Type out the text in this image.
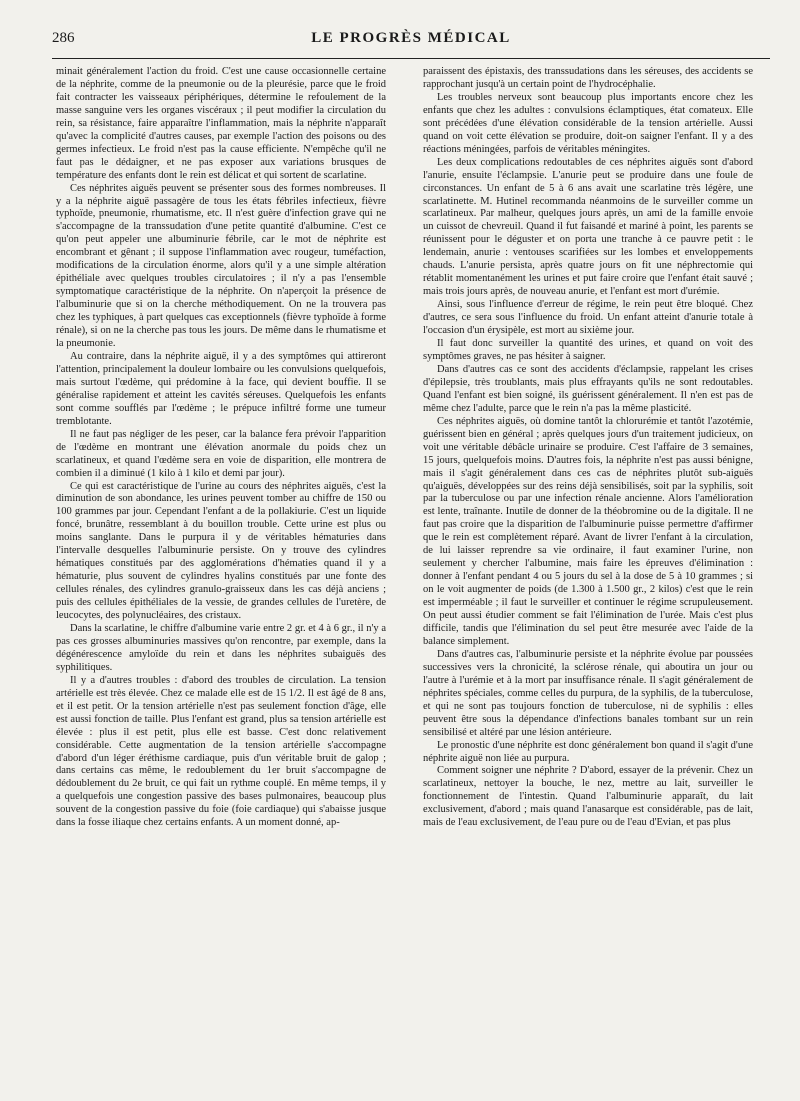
286	LE PROGRÈS MÉDICAL

minait généralement l'action du froid. C'est une cause occasionnelle certaine de la néphrite, comme de la pneumonie ou de la pleurésie, parce que le froid fait contracter les vaisseaux périphériques, détermine le refoulement de la masse sanguine vers les organes viscéraux ; il peut modifier la circulation du rein, sa résistance, faire apparaître l'inflammation, mais la néphrite n'apparaît qu'avec la complicité d'autres causes, par exemple l'action des poisons ou des germes infectieux. Le froid n'est pas la cause efficiente. N'empêche qu'il ne faut pas le dédaigner, et ne pas exposer aux variations brusques de température des enfants dont le rein est délicat et qui sortent de scarlatine.

Ces néphrites aiguës peuvent se présenter sous des formes nombreuses. Il y a la néphrite aiguë passagère de tous les états fébriles infectieux, fièvre typhoïde, pneumonie, rhumatisme, etc. Il n'est guère d'infection grave qui ne s'accompagne de la transsudation d'une petite quantité d'albumine. C'est ce qu'on peut appeler une albuminurie fébrile, car le mot de néphrite est encombrant et gênant ; il suppose l'inflammation avec rougeur, tuméfaction, modifications de la circulation énorme, alors qu'il y a une simple altération épithéliale avec quelques troubles circulatoires ; il n'y a pas l'ensemble symptomatique caractéristique de la néphrite. On n'aperçoit la présence de l'albuminurie que si on la cherche méthodiquement. On ne la trouvera pas chez les typhiques, à part quelques cas exceptionnels (fièvre typhoïde à forme rénale), si on ne la cherche pas tous les jours. De même dans le rhumatisme et la pneumonie.

Au contraire, dans la néphrite aiguë, il y a des symptômes qui attireront l'attention, principalement la douleur lombaire ou les convulsions quelquefois, mais surtout l'œdème, qui prédomine à la face, qui devient bouffie. Il se généralise rapidement et atteint les cavités séreuses. Quelquefois les enfants sont comme soufflés par l'œdème ; le prépuce infiltré forme une tumeur tremblotante.

Il ne faut pas négliger de les peser, car la balance fera prévoir l'apparition de l'œdème en montrant une élévation anormale du poids chez un scarlatineux, et quand l'œdème sera en voie de disparition, elle montrera de combien il a diminué (1 kilo à 1 kilo et demi par jour).

Ce qui est caractéristique de l'urine au cours des néphrites aiguës, c'est la diminution de son abondance, les urines peuvent tomber au chiffre de 150 ou 100 grammes par jour. Cependant l'enfant a de la pollakiurie. C'est un liquide foncé, brunâtre, ressemblant à du bouillon trouble. Cette urine est plus ou moins sanglante. Dans le purpura il y de véritables hématuries dans l'intervalle desquelles l'albuminurie persiste. On y trouve des cylindres hématiques constitués par des agglomérations d'hématies quand il y a hématurie, plus souvent de cylindres hyalins constitués par une fonte des cellules rénales, des cylindres granulo-graisseux dans les cas déjà anciens ; puis des cellules épithéliales de la vessie, de grandes cellules de l'uretère, de leucocytes, des polynucléaires, des cristaux.

Dans la scarlatine, le chiffre d'albumine varie entre 2 gr. et 4 à 6 gr., il n'y a pas ces grosses albuminuries massives qu'on rencontre, par exemple, dans la dégénérescence amyloïde du rein et dans les néphrites subaiguës des syphilitiques.

Il y a d'autres troubles : d'abord des troubles de circulation. La tension artérielle est très élevée. Chez ce malade elle est de 15 1/2. Il est âgé de 8 ans, et il est petit. Or la tension artérielle n'est pas seulement fonction d'âge, elle est aussi fonction de taille. Plus l'enfant est grand, plus sa tension artérielle est élevée : plus il est petit, plus elle est basse. C'est donc relativement considérable. Cette augmentation de la tension artérielle s'accompagne d'abord d'un léger éréthisme cardiaque, puis d'un véritable bruit de galop ; dans certains cas même, le redoublement du 1er bruit s'accompagne de dédoublement du 2e bruit, ce qui fait un rythme couplé. En même temps, il y a quelquefois une congestion passive des bases pulmonaires, beaucoup plus souvent de la congestion passive du foie (foie cardiaque) qui s'abaisse jusque dans la fosse iliaque chez certains enfants. A un moment donné, ap-

paraissent des épistaxis, des transsudations dans les séreuses, des accidents se rapprochant jusqu'à un certain point de l'hydrocéphalie.

Les troubles nerveux sont beaucoup plus importants encore chez les enfants que chez les adultes : convulsions éclamptiques, état comateux. Elle sont précédées d'une élévation considérable de la tension artérielle. Aussi quand on voit cette élévation se produire, doit-on saigner l'enfant. Il y a des réactions méningées, parfois de véritables méningites.

Les deux complications redoutables de ces néphrites aiguës sont d'abord l'anurie, ensuite l'éclampsie. L'anurie peut se produire dans une foule de circonstances. Un enfant de 5 à 6 ans avait une scarlatine très légère, une scarlatinette. M. Hutinel recommanda néanmoins de le surveiller comme un scarlatineux. Par malheur, quelques jours après, un ami de la famille envoie un cuissot de chevreuil. Quand il fut faisandé et mariné à point, les parents se réunissent pour le déguster et on porta une tranche à ce pauvre petit : le lendemain, anurie : ventouses scarifiées sur les lombes et enveloppements chauds. L'anurie persista, après quatre jours on fit une néphrectomie qui rétablit momentanément les urines et put faire croire que l'enfant était sauvé ; mais trois jours après, de nouveau anurie, et l'enfant est mort d'urémie.

Ainsi, sous l'influence d'erreur de régime, le rein peut être bloqué. Chez d'autres, ce sera sous l'influence du froid. Un enfant atteint d'anurie totale à l'occasion d'un érysipèle, est mort au sixième jour.

Il faut donc surveiller la quantité des urines, et quand on voit des symptômes graves, ne pas hésiter à saigner.

Dans d'autres cas ce sont des accidents d'éclampsie, rappelant les crises d'épilepsie, très troublants, mais plus effrayants qu'ils ne sont redoutables. Quand l'enfant est bien soigné, ils guérissent généralement. Il n'en est pas de même chez l'adulte, parce que le rein n'a pas la même plasticité.

Ces néphrites aiguës, où domine tantôt la chlorurémie et tantôt l'azotémie, guérissent bien en général ; après quelques jours d'un traitement judicieux, on voit une véritable débâcle urinaire se produire. C'est l'affaire de 3 semaines, 15 jours, quelquefois moins. D'autres fois, la néphrite n'est pas aussi bénigne, mais il s'agit généralement dans ces cas de néphrites plutôt sub-aiguës qu'aiguës, développées sur des reins déjà sensibilisés, soit par la syphilis, soit par la tuberculose ou par une infection rénale ancienne. Alors l'amélioration est lente, traînante. Inutile de donner de la théobromine ou de la digitale. Il ne faut pas croire que la disparition de l'albuminurie puisse permettre d'affirmer que le rein est complètement réparé. Avant de livrer l'enfant à la circulation, de lui laisser reprendre sa vie ordinaire, il faut examiner l'urine, non seulement y chercher l'albumine, mais faire les épreuves d'élimination : donner à l'enfant pendant 4 ou 5 jours du sel à la dose de 5 à 10 grammes ; si on le voit augmenter de poids (de 1.300 à 1.500 gr., 2 kilos) c'est que le rein est imperméable ; il faut le surveiller et continuer le régime scrupuleusement. On peut aussi étudier comment se fait l'élimination de l'urée. Mais c'est plus difficile, tandis que l'élimination du sel peut être mesurée avec l'aide de la balance simplement.

Dans d'autres cas, l'albuminurie persiste et la néphrite évolue par poussées successives vers la chronicité, la sclérose rénale, qui aboutira un jour ou l'autre à l'urémie et à la mort par insuffisance rénale. Il s'agit généralement de néphrites spéciales, comme celles du purpura, de la syphilis, de la tuberculose, et qui ne sont pas toujours fonction de tuberculose, ni de syphilis : elles peuvent être sous la dépendance d'infections banales tombant sur un rein sensibilisé et altéré par une lésion antérieure.

Le pronostic d'une néphrite est donc généralement bon quand il s'agit d'une néphrite aiguë non liée au purpura.

Comment soigner une néphrite ? D'abord, essayer de la prévenir. Chez un scarlatineux, nettoyer la bouche, le nez, mettre au lait, surveiller le fonctionnement de l'intestin. Quand l'albuminurie apparaît, du lait exclusivement, d'abord ; mais quand l'anasarque est considérable, pas de lait, mais de l'eau exclusivement, de l'eau pure ou de l'eau d'Evian, et pas plus
